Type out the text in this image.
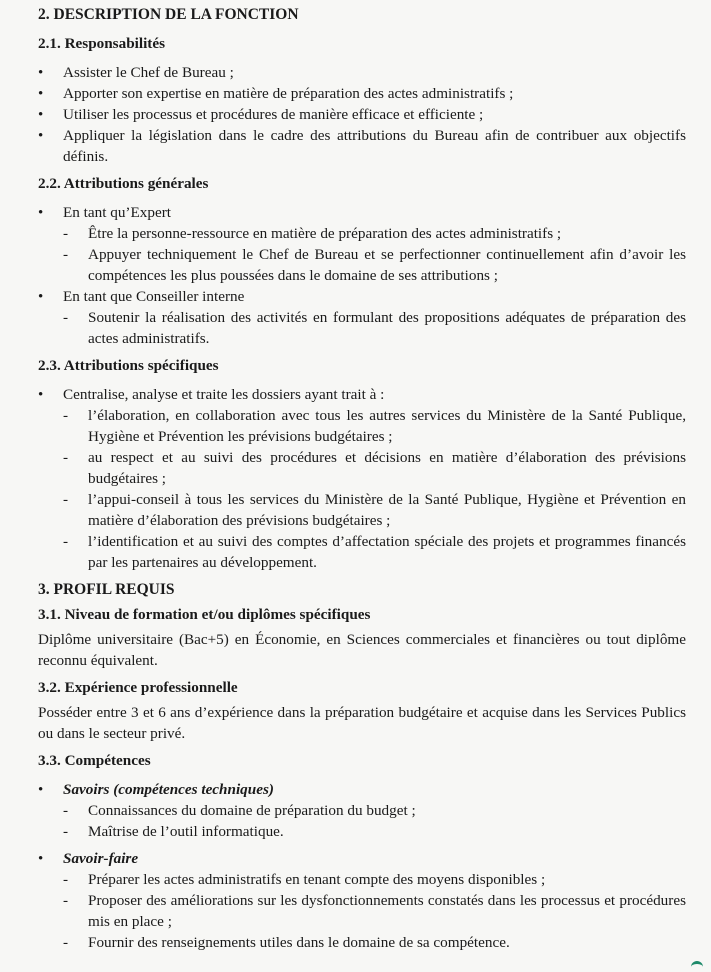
2. DESCRIPTION DE LA FONCTION
2.1. Responsabilités
•
Assister le Chef de Bureau ;
•
Apporter son expertise en matière de préparation des actes administratifs ;
•
Utiliser les processus et procédures de manière efficace et efficiente ;
•
Appliquer la législation dans le cadre des attributions du Bureau afin de contribuer aux objectifs définis.
2.2. Attributions générales
•
En tant qu’Expert
- Être la personne-ressource en matière de préparation des actes administratifs ;
- Appuyer techniquement le Chef de Bureau et se perfectionner continuellement afin d’avoir les compétences les plus poussées dans le domaine de ses attributions ;
•
En tant que Conseiller interne
- Soutenir la réalisation des activités en formulant des propositions adéquates de préparation des actes administratifs.
2.3. Attributions spécifiques
•
Centralise, analyse et traite les dossiers ayant trait à :
- l’élaboration, en collaboration avec tous les autres services du Ministère de la Santé Publique, Hygiène et Prévention les prévisions budgétaires ;
- au respect et au suivi des procédures et décisions en matière d’élaboration des prévisions budgétaires ;
- l’appui-conseil à tous les services du Ministère de la Santé Publique, Hygiène et Prévention en matière d’élaboration des prévisions budgétaires ;
- l’identification et au suivi des comptes d’affectation spéciale des projets et programmes financés par les partenaires au développement.
3. PROFIL REQUIS
3.1. Niveau de formation et/ou diplômes spécifiques

Diplôme universitaire (Bac+5) en Économie, en Sciences commerciales et financières ou tout diplôme reconnu équivalent.

3.2. Expérience professionnelle

Posséder entre 3 et 6 ans d’expérience dans la préparation budgétaire et acquise dans les Services Publics ou dans le secteur privé.

3.3. Compétences
•
Savoirs (compétences techniques)
- Connaissances du domaine de préparation du budget ;
- Maîtrise de l’outil informatique.
•
Savoir-faire
- Préparer les actes administratifs en tenant compte des moyens disponibles ;
- Proposer des améliorations sur les dysfonctionnements constatés dans les processus et procédures mis en place ;
- Fournir des renseignements utiles dans le domaine de sa compétence.
